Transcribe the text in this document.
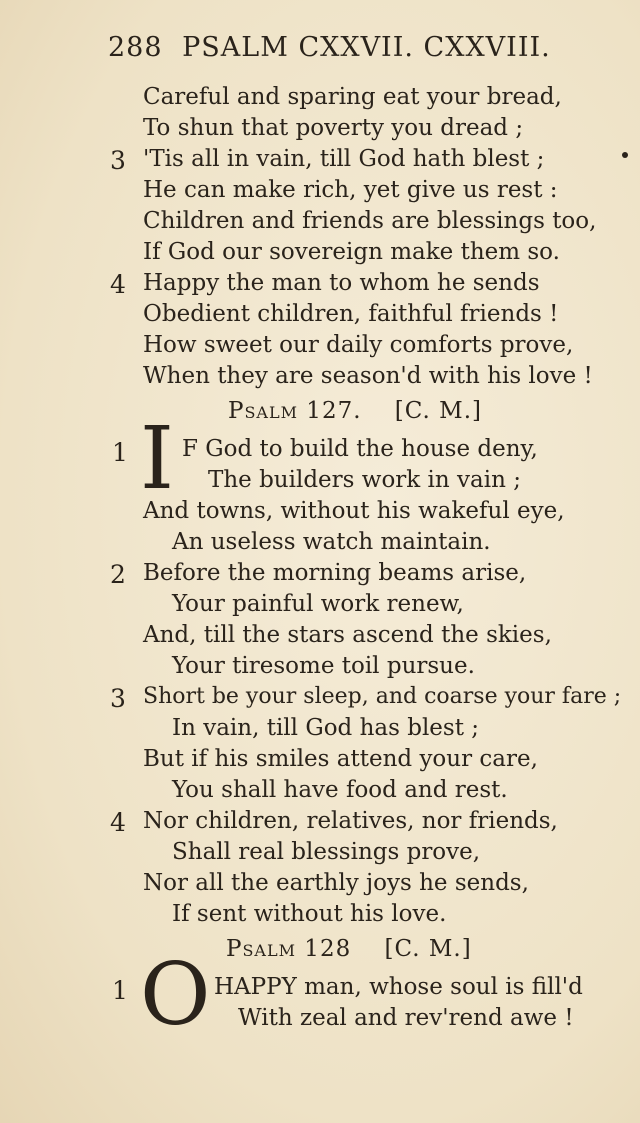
288 PSALM CXXVII. CXXVIII.
Careful and sparing eat your bread,
To shun that poverty you dread ;
3 'Tis all in vain, till God hath blest ;
He can make rich, yet give us rest :
Children and friends are blessings too,
If God our sovereign make them so.
4 Happy the man to whom he sends
Obedient children, faithful friends !
How sweet our daily comforts prove,
When they are season'd with his love !
Psalm 127. [C. M.]
1 I F God to build the house deny,
The builders work in vain ;
And towns, without his wakeful eye,
An useless watch maintain.
2 Before the morning beams arise,
Your painful work renew,
And, till the stars ascend the skies,
Your tiresome toil pursue.
3 Short be your sleep, and coarse your fare ;
In vain, till God has blest ;
But if his smiles attend your care,
You shall have food and rest.
4 Nor children, relatives, nor friends,
Shall real blessings prove,
Nor all the earthly joys he sends,
If sent without his love.
Psalm 128 [C. M.]
1 O HAPPY man, whose soul is fill'd
With zeal and rev'rend awe !
